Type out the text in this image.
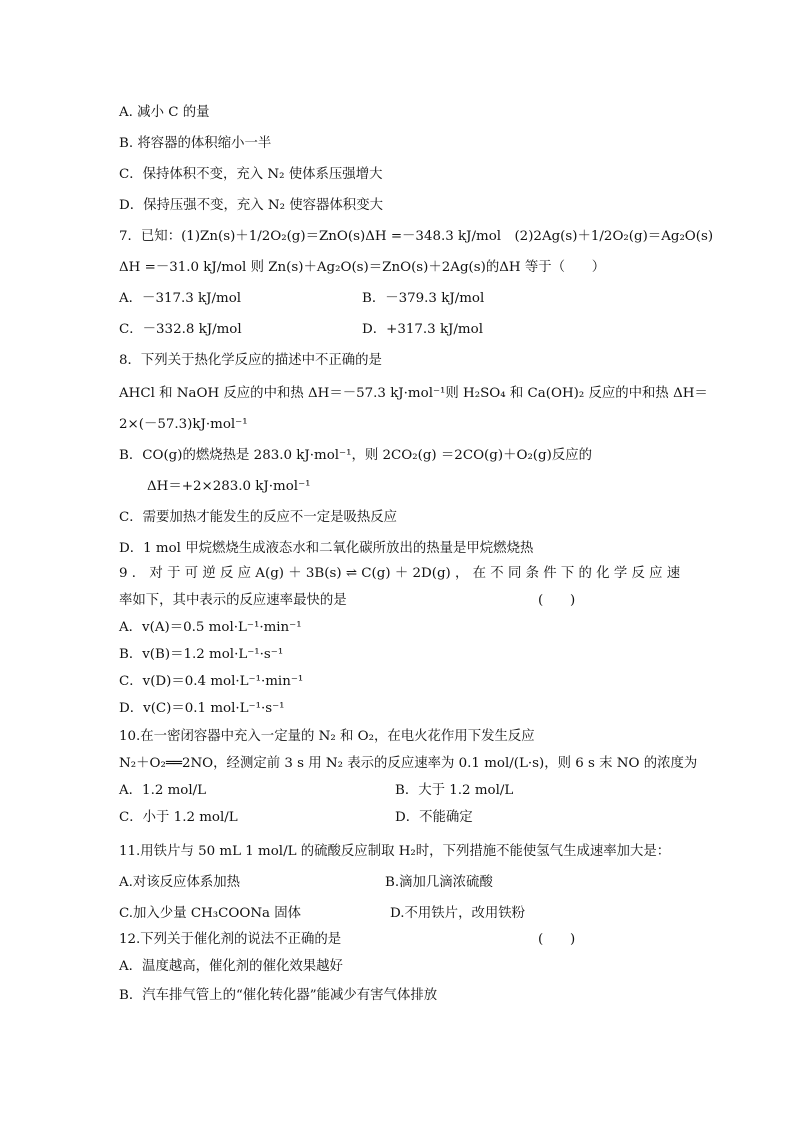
A. 减小 C 的量
B. 将容器的体积缩小一半
C．保持体积不变，充入 N₂ 使体系压强增大
D．保持压强不变，充入 N₂ 使容器体积变大
7．已知：(1)Zn(s)＋1/2O₂(g)＝ZnO(s)ΔH =－348.3 kJ/mol　(2)2Ag(s)＋1/2O₂(g)＝Ag₂O(s)
ΔH =－31.0 kJ/mol 则 Zn(s)＋Ag₂O(s)＝ZnO(s)＋2Ag(s)的ΔH 等于（　　）
A．－317.3 kJ/mol	B．－379.3 kJ/mol
C．－332.8 kJ/mol	D．+317.3 kJ/mol
8．下列关于热化学反应的描述中不正确的是
AHCl 和 NaOH 反应的中和热 ΔH＝－57.3 kJ·mol⁻¹则 H₂SO₄ 和 Ca(OH)₂ 反应的中和热 ΔH＝
2×(－57.3)kJ·mol⁻¹
B．CO(g)的燃烧热是 283.0 kJ·mol⁻¹，则 2CO₂(g) ＝2CO(g)＋O₂(g)反应的
ΔH＝+2×283.0 kJ·mol⁻¹
C．需要加热才能发生的反应不一定是吸热反应
D．1 mol 甲烷燃烧生成液态水和二氧化碳所放出的热量是甲烷燃烧热
9 ． 对 于 可 逆 反 应 A(g) ＋ 3B(s) ⇌ C(g) ＋ 2D(g) ， 在 不 同 条 件 下 的 化 学 反 应 速
率如下，其中表示的反应速率最快的是	(　　)
A．v(A)＝0.5 mol·L⁻¹·min⁻¹
B．v(B)＝1.2 mol·L⁻¹·s⁻¹
C．v(D)＝0.4 mol·L⁻¹·min⁻¹
D．v(C)＝0.1 mol·L⁻¹·s⁻¹
10.在一密闭容器中充入一定量的 N₂ 和 O₂，在电火花作用下发生反应
N₂＋O₂══2NO，经测定前 3 s 用 N₂ 表示的反应速率为 0.1 mol/(L·s)，则 6 s 末 NO 的浓度为
A．1.2 mol/L	B．大于 1.2 mol/L
C．小于 1.2 mol/L	D．不能确定
11.用铁片与 50 mL 1 mol/L 的硫酸反应制取 H₂时，下列措施不能使氢气生成速率加大是：
A.对该反应体系加热	B.滴加几滴浓硫酸
C.加入少量 CH₃COONa 固体	D.不用铁片，改用铁粉
12.下列关于催化剂的说法不正确的是	(　　)
A．温度越高，催化剂的催化效果越好
B．汽车排气管上的“催化转化器”能减少有害气体排放
